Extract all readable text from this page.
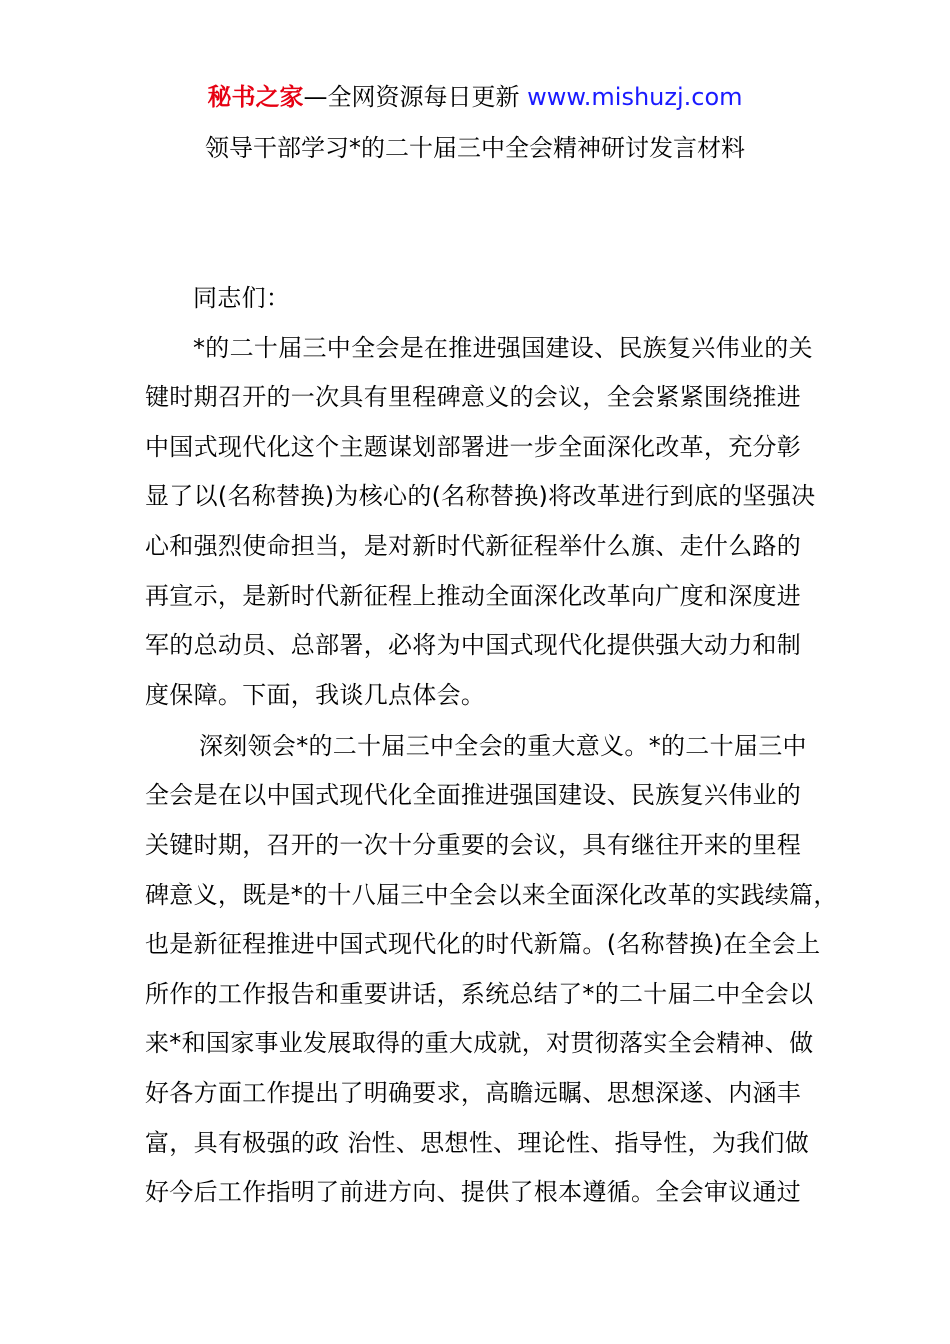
秘书之家—全网资源每日更新 www.mishuzj.com
领导干部学习*的二十届三中全会精神研讨发言材料
同志们：
*的二十届三中全会是在推进强国建设、民族复兴伟业的关
键时期召开的一次具有里程碑意义的会议，全会紧紧围绕推进
中国式现代化这个主题谋划部署进一步全面深化改革，充分彰
显了以(名称替换)为核心的(名称替换)将改革进行到底的坚强决
心和强烈使命担当，是对新时代新征程举什么旗、走什么路的
再宣示，是新时代新征程上推动全面深化改革向广度和深度进
军的总动员、总部署，必将为中国式现代化提供强大动力和制
度保障。下面，我谈几点体会。
深刻领会*的二十届三中全会的重大意义。*的二十届三中
全会是在以中国式现代化全面推进强国建设、民族复兴伟业的
关键时期，召开的一次十分重要的会议，具有继往开来的里程
碑意义，既是*的十八届三中全会以来全面深化改革的实践续篇，
也是新征程推进中国式现代化的时代新篇。(名称替换)在全会上
所作的工作报告和重要讲话，系统总结了*的二十届二中全会以
来*和国家事业发展取得的重大成就，对贯彻落实全会精神、做
好各方面工作提出了明确要求，高瞻远瞩、思想深遂、内涵丰
富，具有极强的政 治性、思想性、理论性、指导性，为我们做
好今后工作指明了前进方向、提供了根本遵循。全会审议通过
